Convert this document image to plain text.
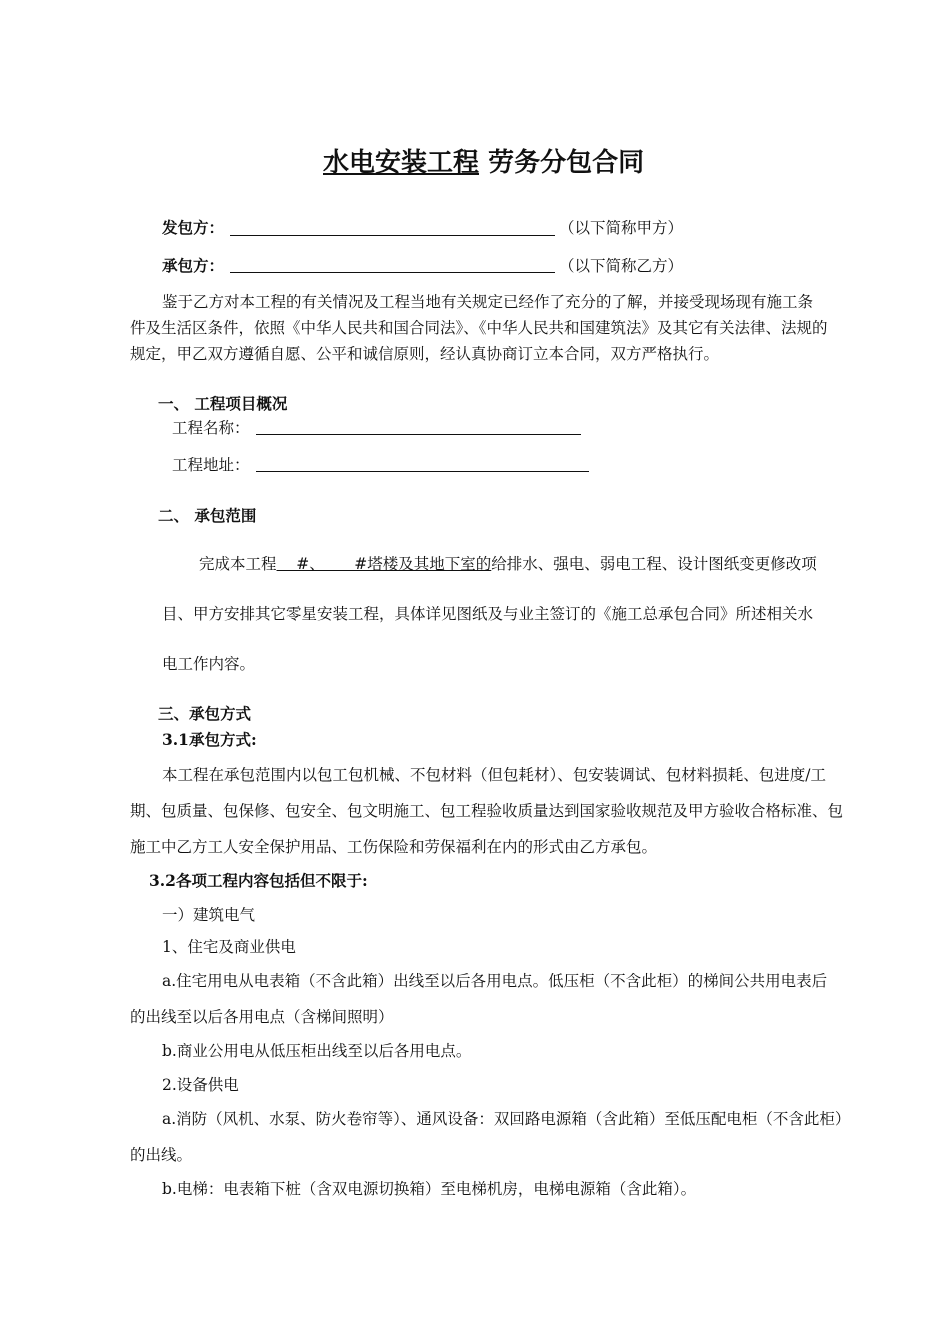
水电安装工程 劳务分包合同
发包方：	（以下简称甲方）
承包方：	（以下简称乙方）
鉴于乙方对本工程的有关情况及工程当地有关规定已经作了充分的了解，并接受现场现有施工条
件及生活区条件，依照《中华人民共和国合同法》、《中华人民共和国建筑法》及其它有关法律、法规的
规定，甲乙双方遵循自愿、公平和诚信原则，经认真协商订立本合同，双方严格执行。
一、 工程项目概况
工程名称：
工程地址：
二、 承包范围
完成本工程    #、      #塔楼及其地下室的给排水、强电、弱电工程、设计图纸变更修改项
目、甲方安排其它零星安装工程，具体详见图纸及与业主签订的《施工总承包合同》所述相关水
电工作内容。
三、承包方式
3.1承包方式:
本工程在承包范围内以包工包机械、不包材料（但包耗材）、包安装调试、包材料损耗、包进度/工
期、包质量、包保修、包安全、包文明施工、包工程验收质量达到国家验收规范及甲方验收合格标准、包
施工中乙方工人安全保护用品、工伤保险和劳保福利在内的形式由乙方承包。
3.2各项工程内容包括但不限于:
一）建筑电气
1、住宅及商业供电
a.住宅用电从电表箱（不含此箱）出线至以后各用电点。低压柜（不含此柜）的梯间公共用电表后
的出线至以后各用电点（含梯间照明）
b.商业公用电从低压柜出线至以后各用电点。
2.设备供电
a.消防（风机、水泵、防火卷帘等）、通风设备：双回路电源箱（含此箱）至低压配电柜（不含此柜）
的出线。
b.电梯：电表箱下桩（含双电源切换箱）至电梯机房，电梯电源箱（含此箱）。
